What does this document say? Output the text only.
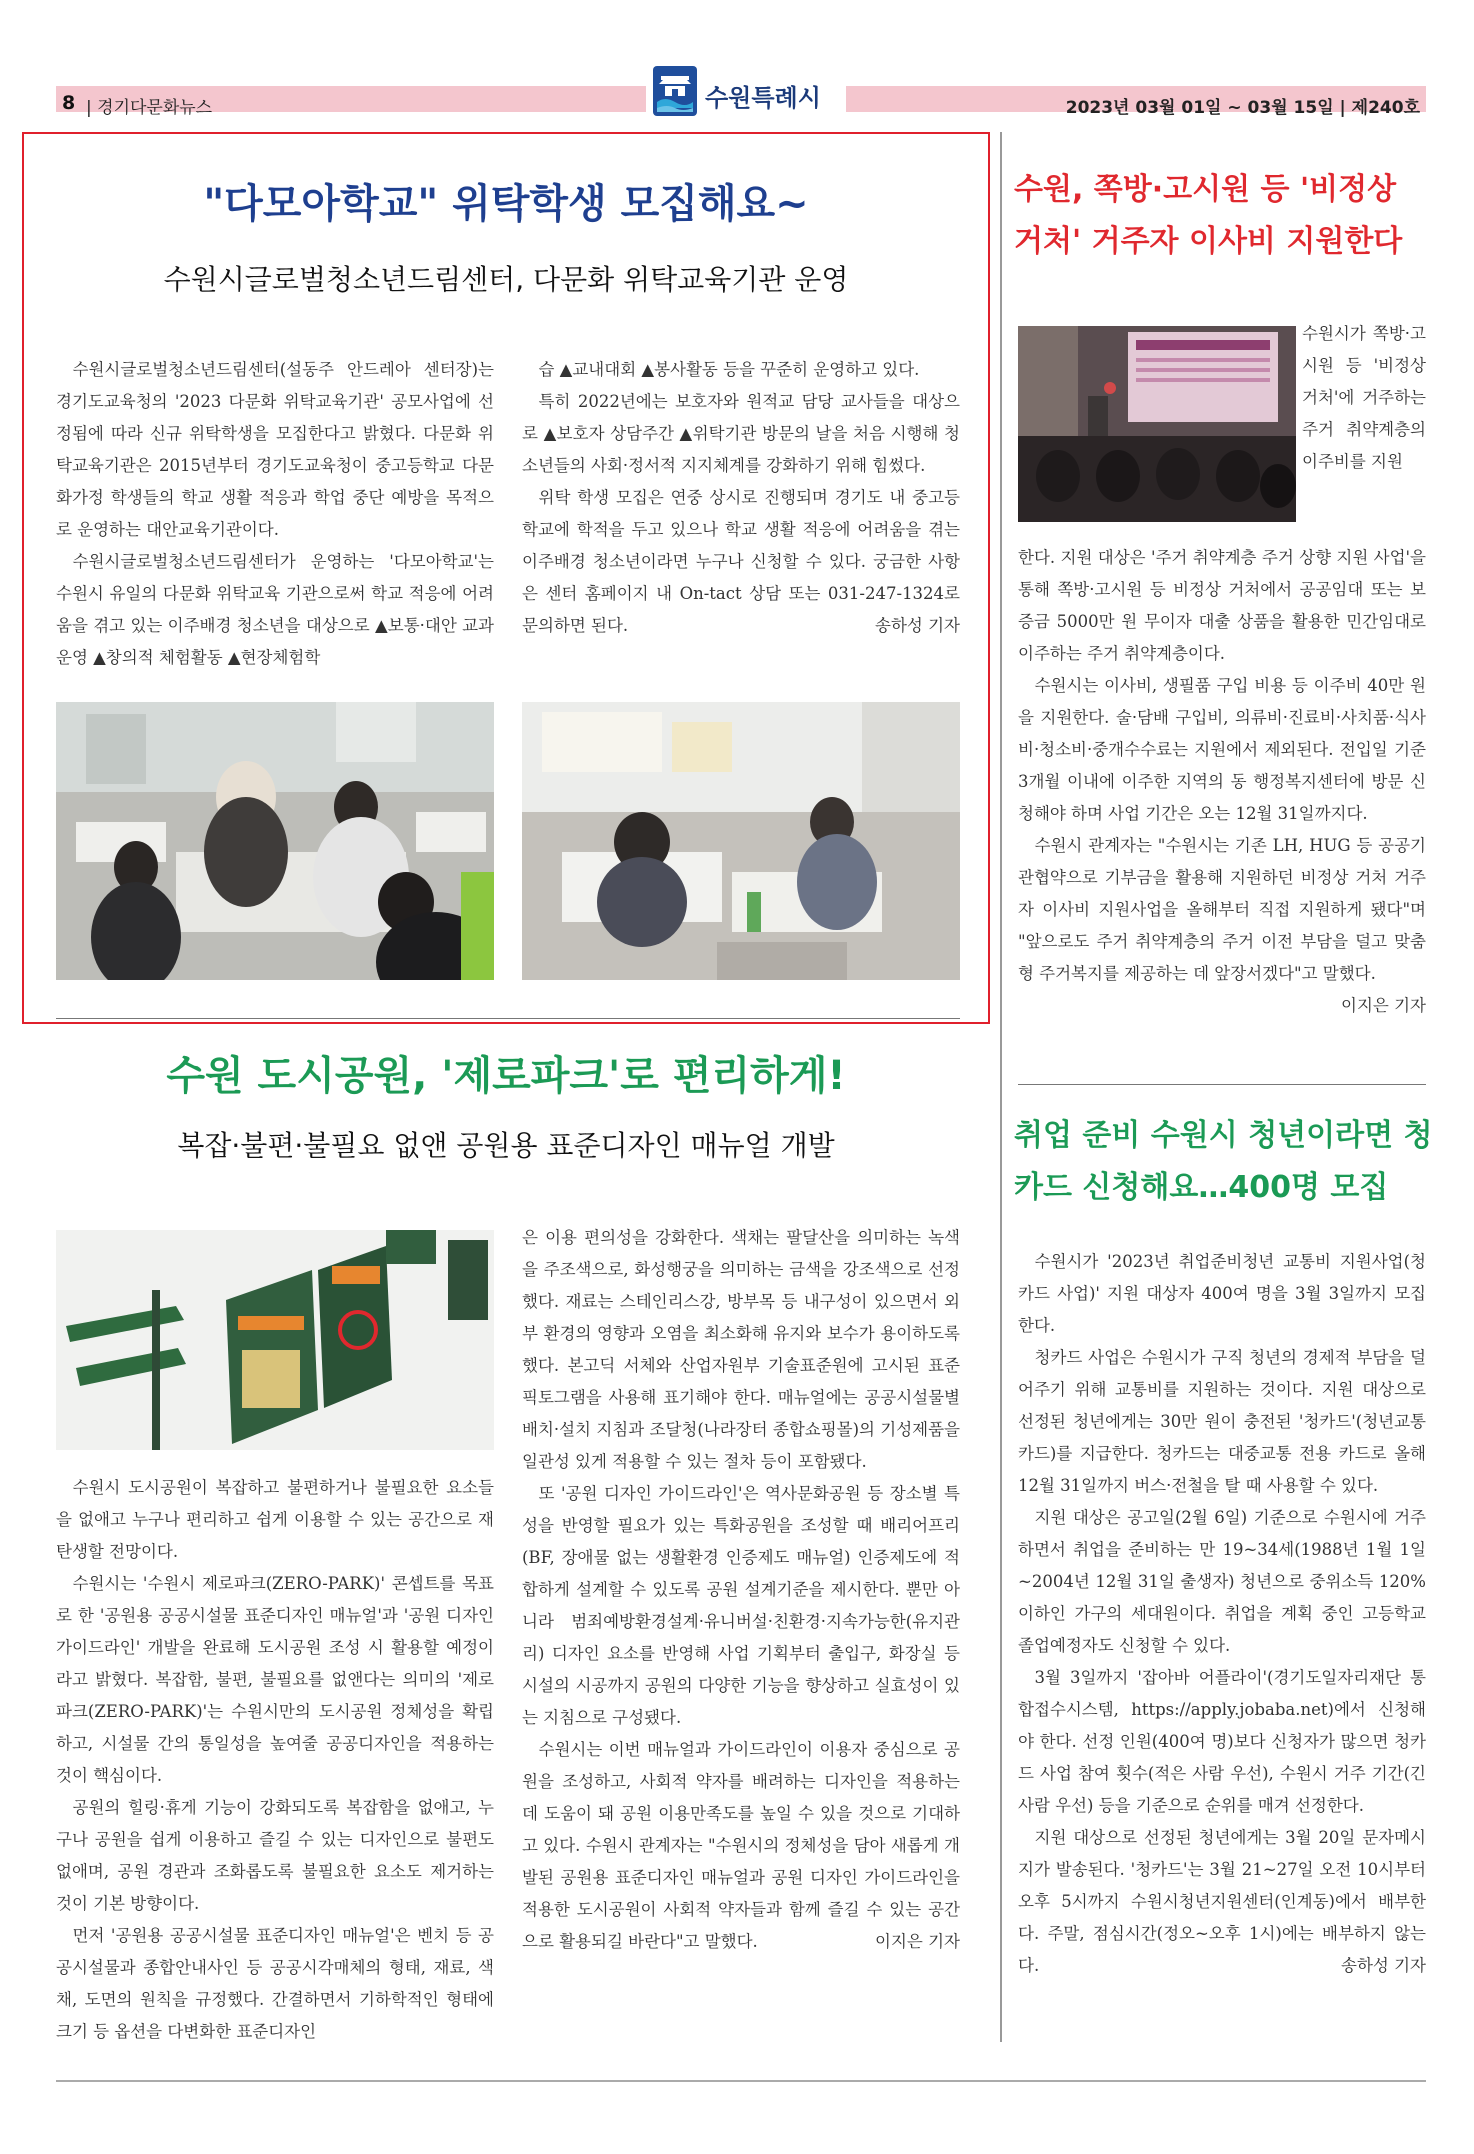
8 | 경기다문화뉴스	수원특례시	2023년 03월 01일 ~ 03월 15일 | 제240호
"다모아학교" 위탁학생 모집해요~
수원시글로벌청소년드림센터, 다문화 위탁교육기관 운영

수원시글로벌청소년드림센터(설동주 안드레아 센터장)는 경기도교육청의 '2023 다문화 위탁교육기관' 공모사업에 선정됨에 따라 신규 위탁학생을 모집한다고 밝혔다. 다문화 위탁교육기관은 2015년부터 경기도교육청이 중고등학교 다문화가정 학생들의 학교 생활 적응과 학업 중단 예방을 목적으로 운영하는 대안교육기관이다.

수원시글로벌청소년드림센터가 운영하는 '다모아학교'는 수원시 유일의 다문화 위탁교육 기관으로써 학교 적응에 어려움을 겪고 있는 이주배경 청소년을 대상으로 ▲보통·대안 교과 운영 ▲창의적 체험활동 ▲현장체험학

습 ▲교내대회 ▲봉사활동 등을 꾸준히 운영하고 있다.

특히 2022년에는 보호자와 원적교 담당 교사들을 대상으로 ▲보호자 상담주간 ▲위탁기관 방문의 날을 처음 시행해 청소년들의 사회·정서적 지지체계를 강화하기 위해 힘썼다.

위탁 학생 모집은 연중 상시로 진행되며 경기도 내 중고등학교에 학적을 두고 있으나 학교 생활 적응에 어려움을 겪는 이주배경 청소년이라면 누구나 신청할 수 있다. 궁금한 사항은 센터 홈페이지 내 On-tact 상담 또는 031-247-1324로 문의하면 된다.	송하성 기자

수원 도시공원, '제로파크'로 편리하게!
복잡·불편·불필요 없앤 공원용 표준디자인 매뉴얼 개발

수원시 도시공원이 복잡하고 불편하거나 불필요한 요소들을 없애고 누구나 편리하고 쉽게 이용할 수 있는 공간으로 재탄생할 전망이다.

수원시는 '수원시 제로파크(ZERO-PARK)' 콘셉트를 목표로 한 '공원용 공공시설물 표준디자인 매뉴얼'과 '공원 디자인 가이드라인' 개발을 완료해 도시공원 조성 시 활용할 예정이라고 밝혔다. 복잡함, 불편, 불필요를 없앤다는 의미의 '제로파크(ZERO-PARK)'는 수원시만의 도시공원 정체성을 확립하고, 시설물 간의 통일성을 높여줄 공공디자인을 적용하는 것이 핵심이다.

공원의 힐링·휴게 기능이 강화되도록 복잡함을 없애고, 누구나 공원을 쉽게 이용하고 즐길 수 있는 디자인으로 불편도 없애며, 공원 경관과 조화롭도록 불필요한 요소도 제거하는 것이 기본 방향이다.

먼저 '공원용 공공시설물 표준디자인 매뉴얼'은 벤치 등 공공시설물과 종합안내사인 등 공공시각매체의 형태, 재료, 색채, 도면의 원칙을 규정했다. 간결하면서 기하학적인 형태에 크기 등 옵션을 다변화한 표준디자인

은 이용 편의성을 강화한다. 색채는 팔달산을 의미하는 녹색을 주조색으로, 화성행궁을 의미하는 금색을 강조색으로 선정했다. 재료는 스테인리스강, 방부목 등 내구성이 있으면서 외부 환경의 영향과 오염을 최소화해 유지와 보수가 용이하도록 했다. 본고딕 서체와 산업자원부 기술표준원에 고시된 표준 픽토그램을 사용해 표기해야 한다. 매뉴얼에는 공공시설물별 배치·설치 지침과 조달청(나라장터 종합쇼핑몰)의 기성제품을 일관성 있게 적용할 수 있는 절차 등이 포함됐다.

또 '공원 디자인 가이드라인'은 역사문화공원 등 장소별 특성을 반영할 필요가 있는 특화공원을 조성할 때 배리어프리(BF, 장애물 없는 생활환경 인증제도 매뉴얼) 인증제도에 적합하게 설계할 수 있도록 공원 설계기준을 제시한다. 뿐만 아니라 범죄예방환경설계·유니버설·친환경·지속가능한(유지관리) 디자인 요소를 반영해 사업 기획부터 출입구, 화장실 등 시설의 시공까지 공원의 다양한 기능을 향상하고 실효성이 있는 지침으로 구성됐다.

수원시는 이번 매뉴얼과 가이드라인이 이용자 중심으로 공원을 조성하고, 사회적 약자를 배려하는 디자인을 적용하는 데 도움이 돼 공원 이용만족도를 높일 수 있을 것으로 기대하고 있다. 수원시 관계자는 "수원시의 정체성을 담아 새롭게 개발된 공원용 표준디자인 매뉴얼과 공원 디자인 가이드라인을 적용한 도시공원이 사회적 약자들과 함께 즐길 수 있는 공간으로 활용되길 바란다"고 말했다.	이지은 기자

수원, 쪽방·고시원 등 '비정상 거처' 거주자 이사비 지원한다

수원시가 쪽방·고시원 등 '비정상 거처'에 거주하는 주거 취약계층의 이주비를 지원

한다. 지원 대상은 '주거 취약계층 주거 상향 지원 사업'을 통해 쪽방·고시원 등 비정상 거처에서 공공임대 또는 보증금 5000만 원 무이자 대출 상품을 활용한 민간임대로 이주하는 주거 취약계층이다.

수원시는 이사비, 생필품 구입 비용 등 이주비 40만 원을 지원한다. 술·담배 구입비, 의류비·진료비·사치품·식사비·청소비·중개수수료는 지원에서 제외된다. 전입일 기준 3개월 이내에 이주한 지역의 동 행정복지센터에 방문 신청해야 하며 사업 기간은 오는 12월 31일까지다.

수원시 관계자는 "수원시는 기존 LH, HUG 등 공공기관협약으로 기부금을 활용해 지원하던 비정상 거처 거주자 이사비 지원사업을 올해부터 직접 지원하게 됐다"며 "앞으로도 주거 취약계층의 주거 이전 부담을 덜고 맞춤형 주거복지를 제공하는 데 앞장서겠다"고 말했다.
이지은 기자

취업 준비 수원시 청년이라면 청카드 신청해요…400명 모집

수원시가 '2023년 취업준비청년 교통비 지원사업(청카드 사업)' 지원 대상자 400여 명을 3월 3일까지 모집한다.

청카드 사업은 수원시가 구직 청년의 경제적 부담을 덜어주기 위해 교통비를 지원하는 것이다. 지원 대상으로 선정된 청년에게는 30만 원이 충전된 '청카드'(청년교통카드)를 지급한다. 청카드는 대중교통 전용 카드로 올해 12월 31일까지 버스·전철을 탈 때 사용할 수 있다.

지원 대상은 공고일(2월 6일) 기준으로 수원시에 거주하면서 취업을 준비하는 만 19~34세(1988년 1월 1일~2004년 12월 31일 출생자) 청년으로 중위소득 120% 이하인 가구의 세대원이다. 취업을 계획 중인 고등학교 졸업예정자도 신청할 수 있다.

3월 3일까지 '잡아바 어플라이'(경기도일자리재단 통합접수시스템, https://apply.jobaba.net)에서 신청해야 한다. 선정 인원(400여 명)보다 신청자가 많으면 청카드 사업 참여 횟수(적은 사람 우선), 수원시 거주 기간(긴 사람 우선) 등을 기준으로 순위를 매겨 선정한다.

지원 대상으로 선정된 청년에게는 3월 20일 문자메시지가 발송된다. '청카드'는 3월 21~27일 오전 10시부터 오후 5시까지 수원시청년지원센터(인계동)에서 배부한다. 주말, 점심시간(정오~오후 1시)에는 배부하지 않는다.	송하성 기자
